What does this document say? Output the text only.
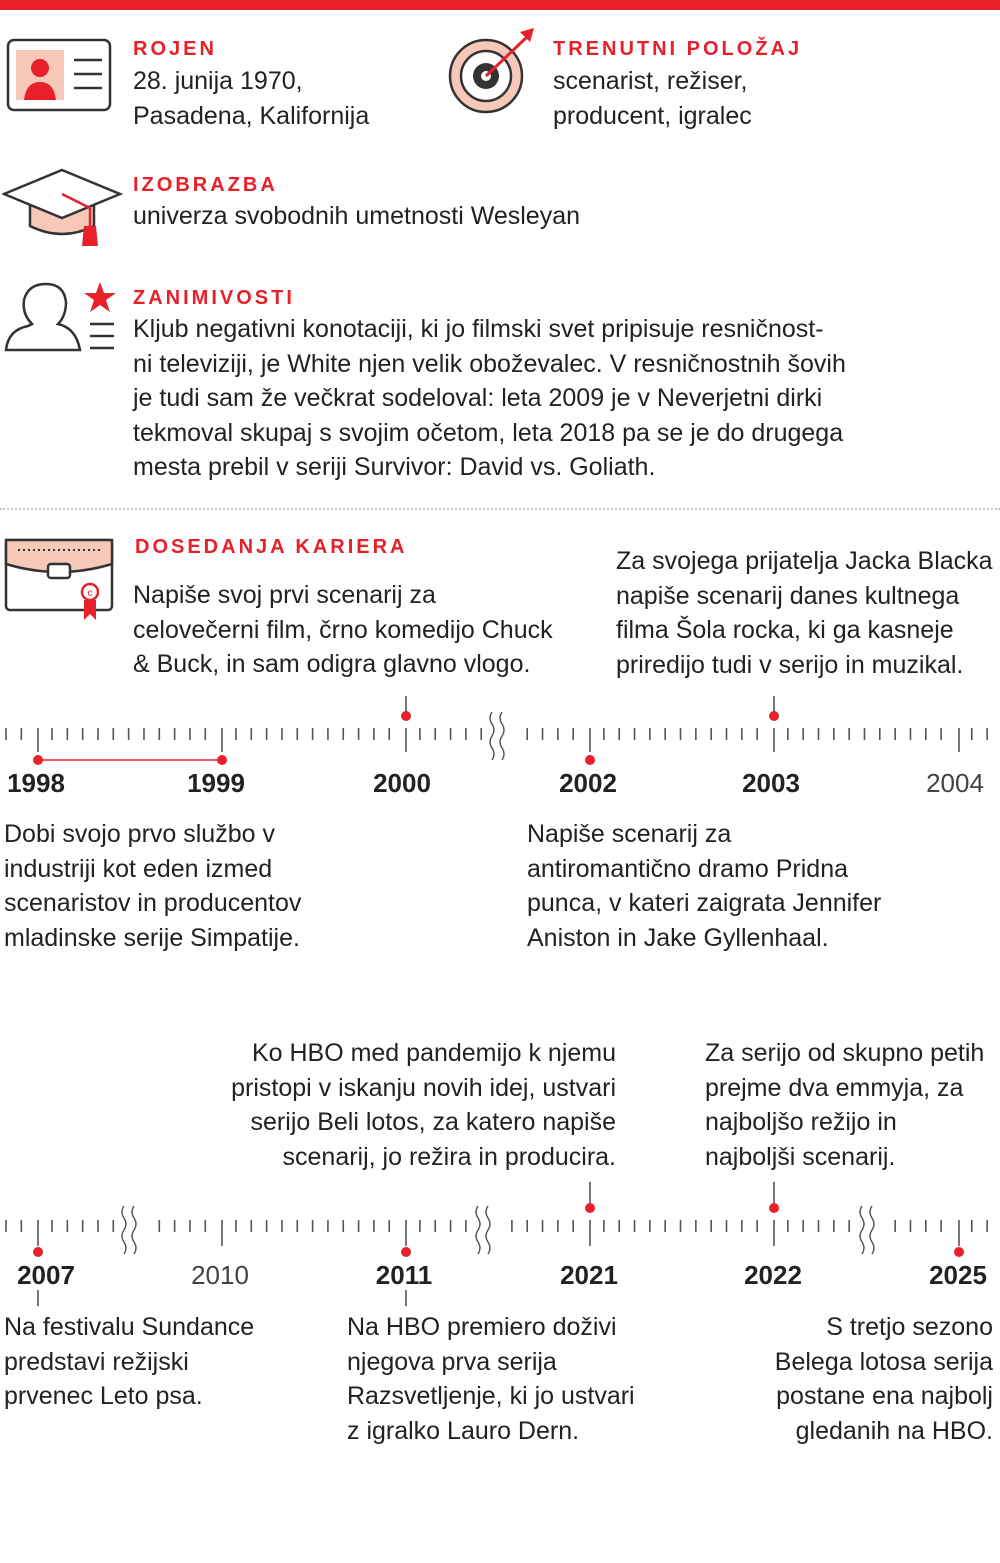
ROJEN
28. junija 1970,
Pasadena, Kalifornija
TRENUTNI POLOŽAJ
scenarist, režiser,
producent, igralec
IZOBRAZBA
univerza svobodnih umetnosti Wesleyan
ZANIMIVOSTI
Kljub negativni konotaciji, ki jo filmski svet pripisuje resničnost-
ni televiziji, je White njen velik oboževalec. V resničnostnih šovih
je tudi sam že večkrat sodeloval: leta 2009 je v Neverjetni dirki
tekmoval skupaj s svojim očetom, leta 2018 pa se je do drugega
mesta prebil v seriji Survivor: David vs. Goliath.
c
DOSEDANJA KARIERA
Napiše svoj prvi scenarij za
celovečerni film, črno komedijo Chuck
& Buck, in sam odigra glavno vlogo.
Za svojega prijatelja Jacka Blacka
napiše scenarij danes kultnega
filma Šola rocka, ki ga kasneje
priredijo tudi v serijo in muzikal.
1998	1999	2000	2002	2003	2004
Dobi svojo prvo službo v
industriji kot eden izmed
scenaristov in producentov
mladinske serije Simpatije.
Napiše scenarij za
antiromantično dramo Pridna
punca, v kateri zaigrata Jennifer
Aniston in Jake Gyllenhaal.
Ko HBO med pandemijo k njemu
pristopi v iskanju novih idej, ustvari
serijo Beli lotos, za katero napiše
scenarij, jo režira in producira.
Za serijo od skupno petih
prejme dva emmyja, za
najboljšo režijo in
najboljši scenarij.
2007	2010	2011	2021	2022	2025
Na festivalu Sundance
predstavi režijski
prvenec Leto psa.
Na HBO premiero doživi
njegova prva serija
Razsvetljenje, ki jo ustvari
z igralko Lauro Dern.
S tretjo sezono
Belega lotosa serija
postane ena najbolj
gledanih na HBO.
